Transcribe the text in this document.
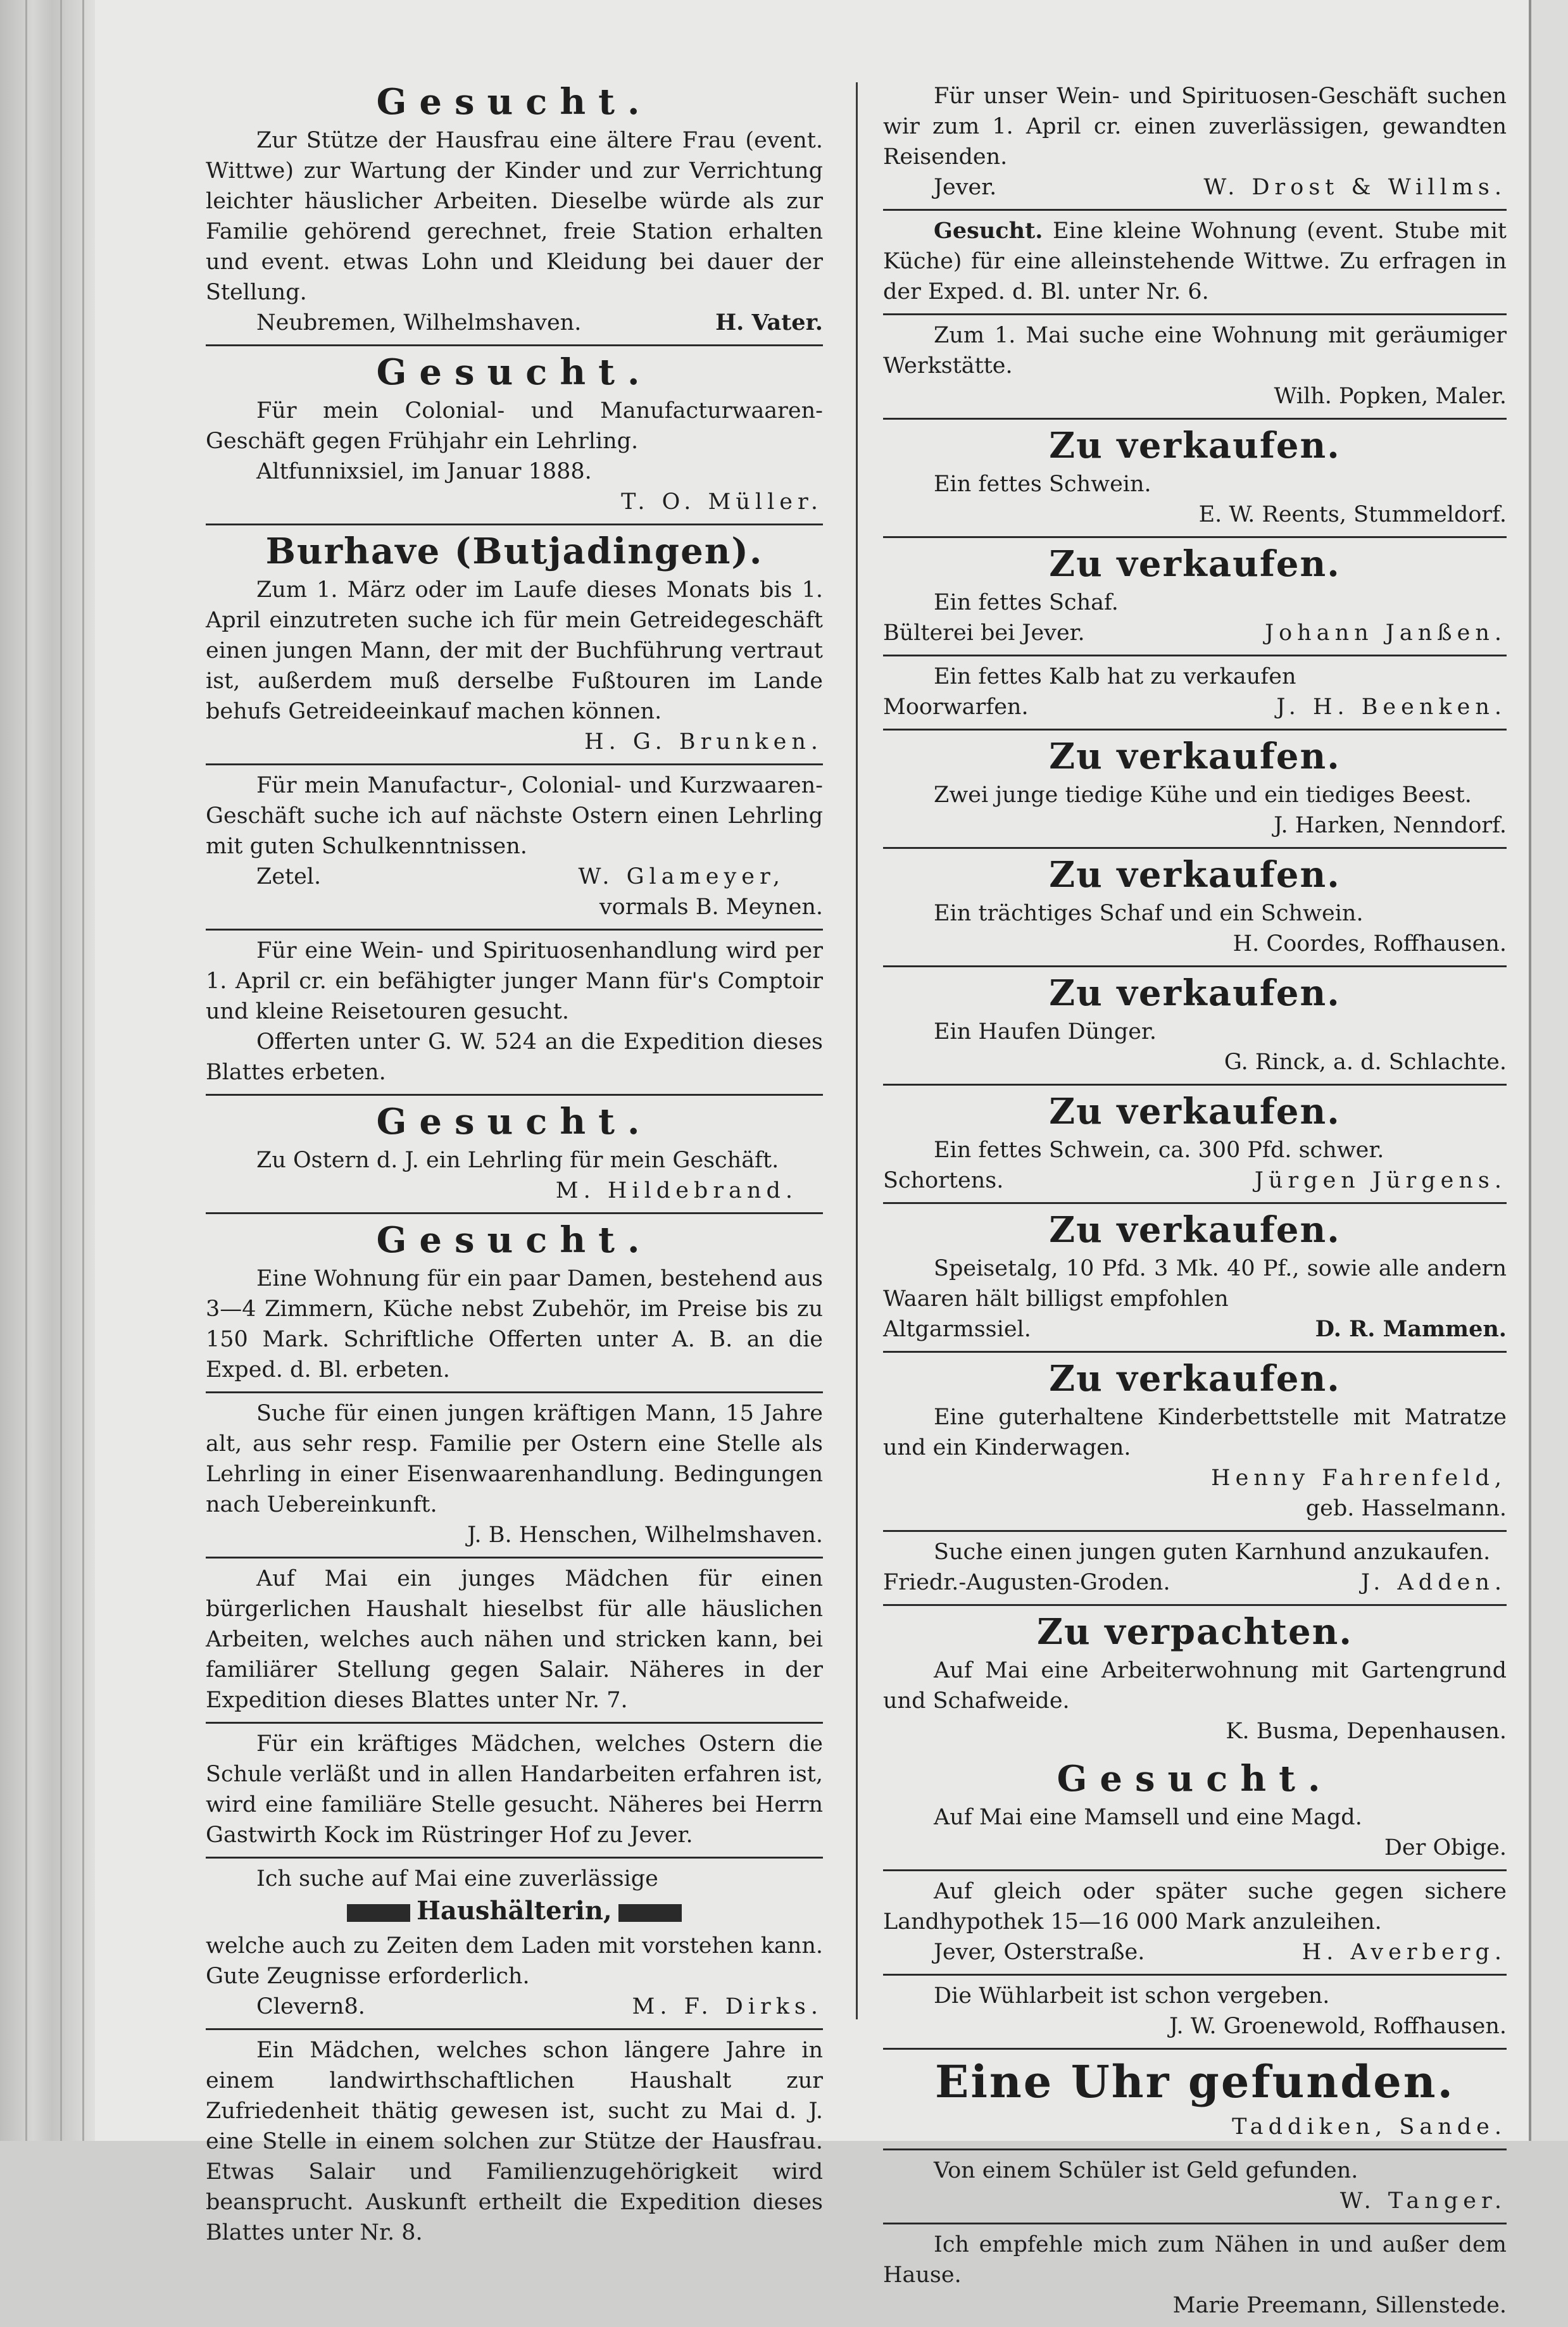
Gesucht.

Zur Stütze der Hausfrau eine ältere Frau (event. Wittwe) zur Wartung der Kinder und zur Verrichtung leichter häuslicher Arbeiten. Dieselbe würde als zur Familie gehörend gerechnet, freie Station erhalten und event. etwas Lohn und Kleidung bei dauer der Stellung.

Neubremen, Wilhelmshaven.	H. Vater.
Gesucht.

Für mein Colonial- und Manufacturwaaren-Geschäft gegen Frühjahr ein Lehrling.

Altfunnixsiel, im Januar 1888.

T. O. Müller.
Burhave (Butjadingen).

Zum 1. März oder im Laufe dieses Monats bis 1. April einzutreten suche ich für mein Getreidegeschäft einen jungen Mann, der mit der Buchführung vertraut ist, außerdem muß derselbe Fußtouren im Lande behufs Getreideeinkauf machen können.

H. G. Brunken.

Für mein Manufactur-, Colonial- und Kurzwaaren-Geschäft suche ich auf nächste Ostern einen Lehrling mit guten Schulkenntnissen.

Zetel.	W. Glameyer,
vormals B. Meynen.

Für eine Wein- und Spirituosenhandlung wird per 1. April cr. ein befähigter junger Mann für's Comptoir und kleine Reisetouren gesucht.

Offerten unter G. W. 524 an die Expedition dieses Blattes erbeten.

Gesucht.

Zu Ostern d. J. ein Lehrling für mein Geschäft.

M. Hildebrand.
Gesucht.

Eine Wohnung für ein paar Damen, bestehend aus 3—4 Zimmern, Küche nebst Zubehör, im Preise bis zu 150 Mark. Schriftliche Offerten unter A. B. an die Exped. d. Bl. erbeten.

Suche für einen jungen kräftigen Mann, 15 Jahre alt, aus sehr resp. Familie per Ostern eine Stelle als Lehrling in einer Eisenwaarenhandlung. Bedingungen nach Uebereinkunft.

J. B. Henschen, Wilhelmshaven.

Auf Mai ein junges Mädchen für einen bürgerlichen Haushalt hieselbst für alle häuslichen Arbeiten, welches auch nähen und stricken kann, bei familiärer Stellung gegen Salair. Näheres in der Expedition dieses Blattes unter Nr. 7.

Für ein kräftiges Mädchen, welches Ostern die Schule verläßt und in allen Handarbeiten erfahren ist, wird eine familiäre Stelle gesucht. Näheres bei Herrn Gastwirth Kock im Rüstringer Hof zu Jever.

Ich suche auf Mai eine zuverlässige

Haushälterin,

welche auch zu Zeiten dem Laden mit vorstehen kann. Gute Zeugnisse erforderlich.

Clevern8.	M. F. Dirks.

Ein Mädchen, welches schon längere Jahre in einem landwirthschaftlichen Haushalt zur Zufriedenheit thätig gewesen ist, sucht zu Mai d. J. eine Stelle in einem solchen zur Stütze der Hausfrau. Etwas Salair und Familienzugehörigkeit wird beansprucht. Auskunft ertheilt die Expedition dieses Blattes unter Nr. 8.

Für unser Wein- und Spirituosen-Geschäft suchen wir zum 1. April cr. einen zuverlässigen, gewandten Reisenden.

Jever.	W. Drost & Willms.

Gesucht. Eine kleine Wohnung (event. Stube mit Küche) für eine alleinstehende Wittwe. Zu erfragen in der Exped. d. Bl. unter Nr. 6.

Zum 1. Mai suche eine Wohnung mit geräumiger Werkstätte.

Wilh. Popken, Maler.
Zu verkaufen.

Ein fettes Schwein.

E. W. Reents, Stummeldorf.
Zu verkaufen.

Ein fettes Schaf.

Bülterei bei Jever.	Johann Janßen.

Ein fettes Kalb hat zu verkaufen

Moorwarfen.	J. H. Beenken.
Zu verkaufen.

Zwei junge tiedige Kühe und ein tiediges Beest.

J. Harken, Nenndorf.
Zu verkaufen.

Ein trächtiges Schaf und ein Schwein.

H. Coordes, Roffhausen.
Zu verkaufen.

Ein Haufen Dünger.

G. Rinck, a. d. Schlachte.
Zu verkaufen.

Ein fettes Schwein, ca. 300 Pfd. schwer.

Schortens.	Jürgen Jürgens.
Zu verkaufen.

Speisetalg, 10 Pfd. 3 Mk. 40 Pf., sowie alle andern Waaren hält billigst empfohlen

Altgarmssiel.	D. R. Mammen.
Zu verkaufen.

Eine guterhaltene Kinderbettstelle mit Matratze und ein Kinderwagen.

Henny Fahrenfeld,
geb. Hasselmann.

Suche einen jungen guten Karnhund anzukaufen.

Friedr.-Augusten-Groden.	J. Adden.
Zu verpachten.

Auf Mai eine Arbeiterwohnung mit Gartengrund und Schafweide.

K. Busma, Depenhausen.
Gesucht.

Auf Mai eine Mamsell und eine Magd.

Der Obige.

Auf gleich oder später suche gegen sichere Landhypothek 15—16 000 Mark anzuleihen.

Jever, Osterstraße.	H. Averberg.

Die Wühlarbeit ist schon vergeben.

J. W. Groenewold, Roffhausen.
Eine Uhr gefunden.
Taddiken, Sande.

Von einem Schüler ist Geld gefunden.

W. Tanger.

Ich empfehle mich zum Nähen in und außer dem Hause.

Marie Preemann, Sillenstede.
